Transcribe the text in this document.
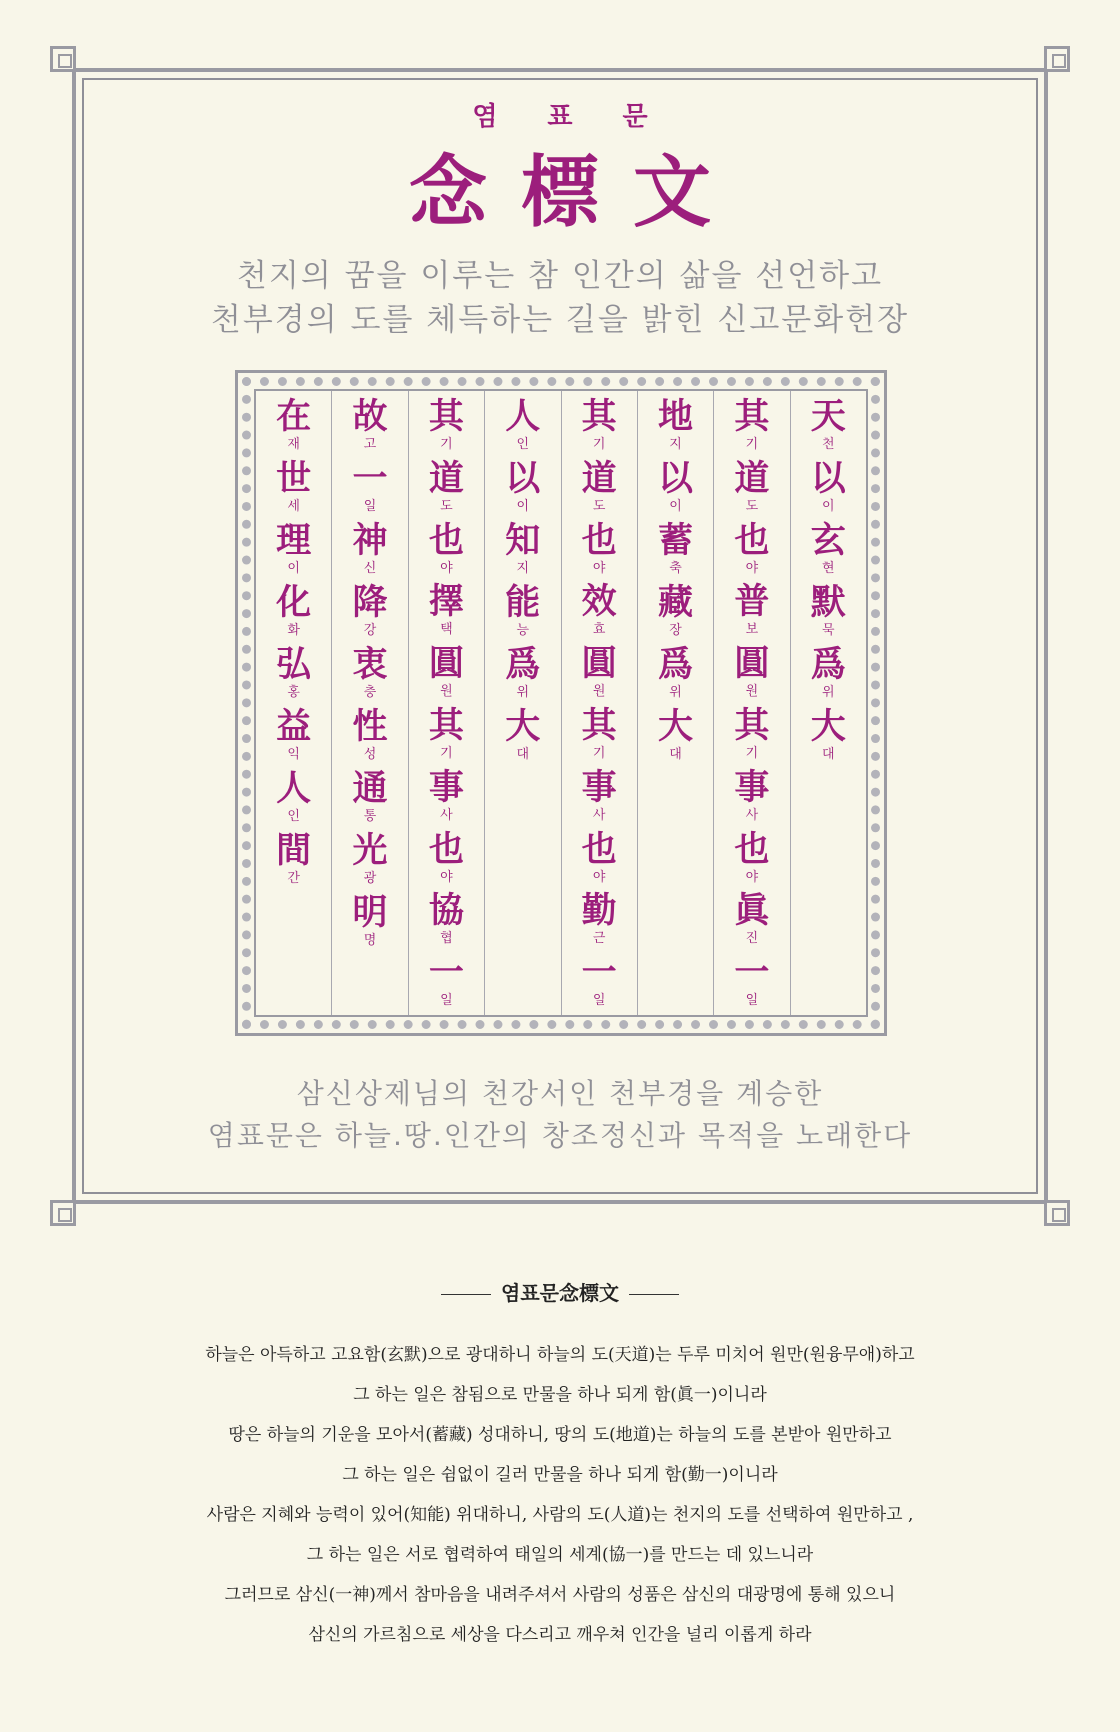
염표문
念標文
천지의 꿈을 이루는 참 인간의 삶을 선언하고
천부경의 도를 체득하는 길을 밝힌 신고문화헌장
天
천
以
이
玄
현
默
묵
爲
위
大
대
其
기
道
도
也
야
普
보
圓
원
其
기
事
사
也
야
眞
진
一
일
地
지
以
이
蓄
축
藏
장
爲
위
大
대
其
기
道
도
也
야
效
효
圓
원
其
기
事
사
也
야
勤
근
一
일
人
인
以
이
知
지
能
능
爲
위
大
대
其
기
道
도
也
야
擇
택
圓
원
其
기
事
사
也
야
協
협
一
일
故
고
一
일
神
신
降
강
衷
충
性
성
通
통
光
광
明
명
在
재
世
세
理
이
化
화
弘
홍
益
익
人
인
間
간
삼신상제님의 천강서인 천부경을 계승한
염표문은 하늘.땅.인간의 창조정신과 목적을 노래한다
염표문念標文
하늘은 아득하고 고요함(玄默)으로 광대하니 하늘의 도(天道)는 두루 미치어 원만(원융무애)하고
그 하는 일은 참됨으로 만물을 하나 되게 함(眞一)이니라
땅은 하늘의 기운을 모아서(蓄藏) 성대하니, 땅의 도(地道)는 하늘의 도를 본받아 원만하고
그 하는 일은 쉼없이 길러 만물을 하나 되게 함(勤一)이니라
사람은 지혜와 능력이 있어(知能) 위대하니, 사람의 도(人道)는 천지의 도를 선택하여 원만하고 ,
그 하는 일은 서로 협력하여 태일의 세계(協一)를 만드는 데 있느니라
그러므로 삼신(一神)께서 참마음을 내려주셔서 사람의 성품은 삼신의 대광명에 통해 있으니
삼신의 가르침으로 세상을 다스리고 깨우쳐 인간을 널리 이롭게 하라
